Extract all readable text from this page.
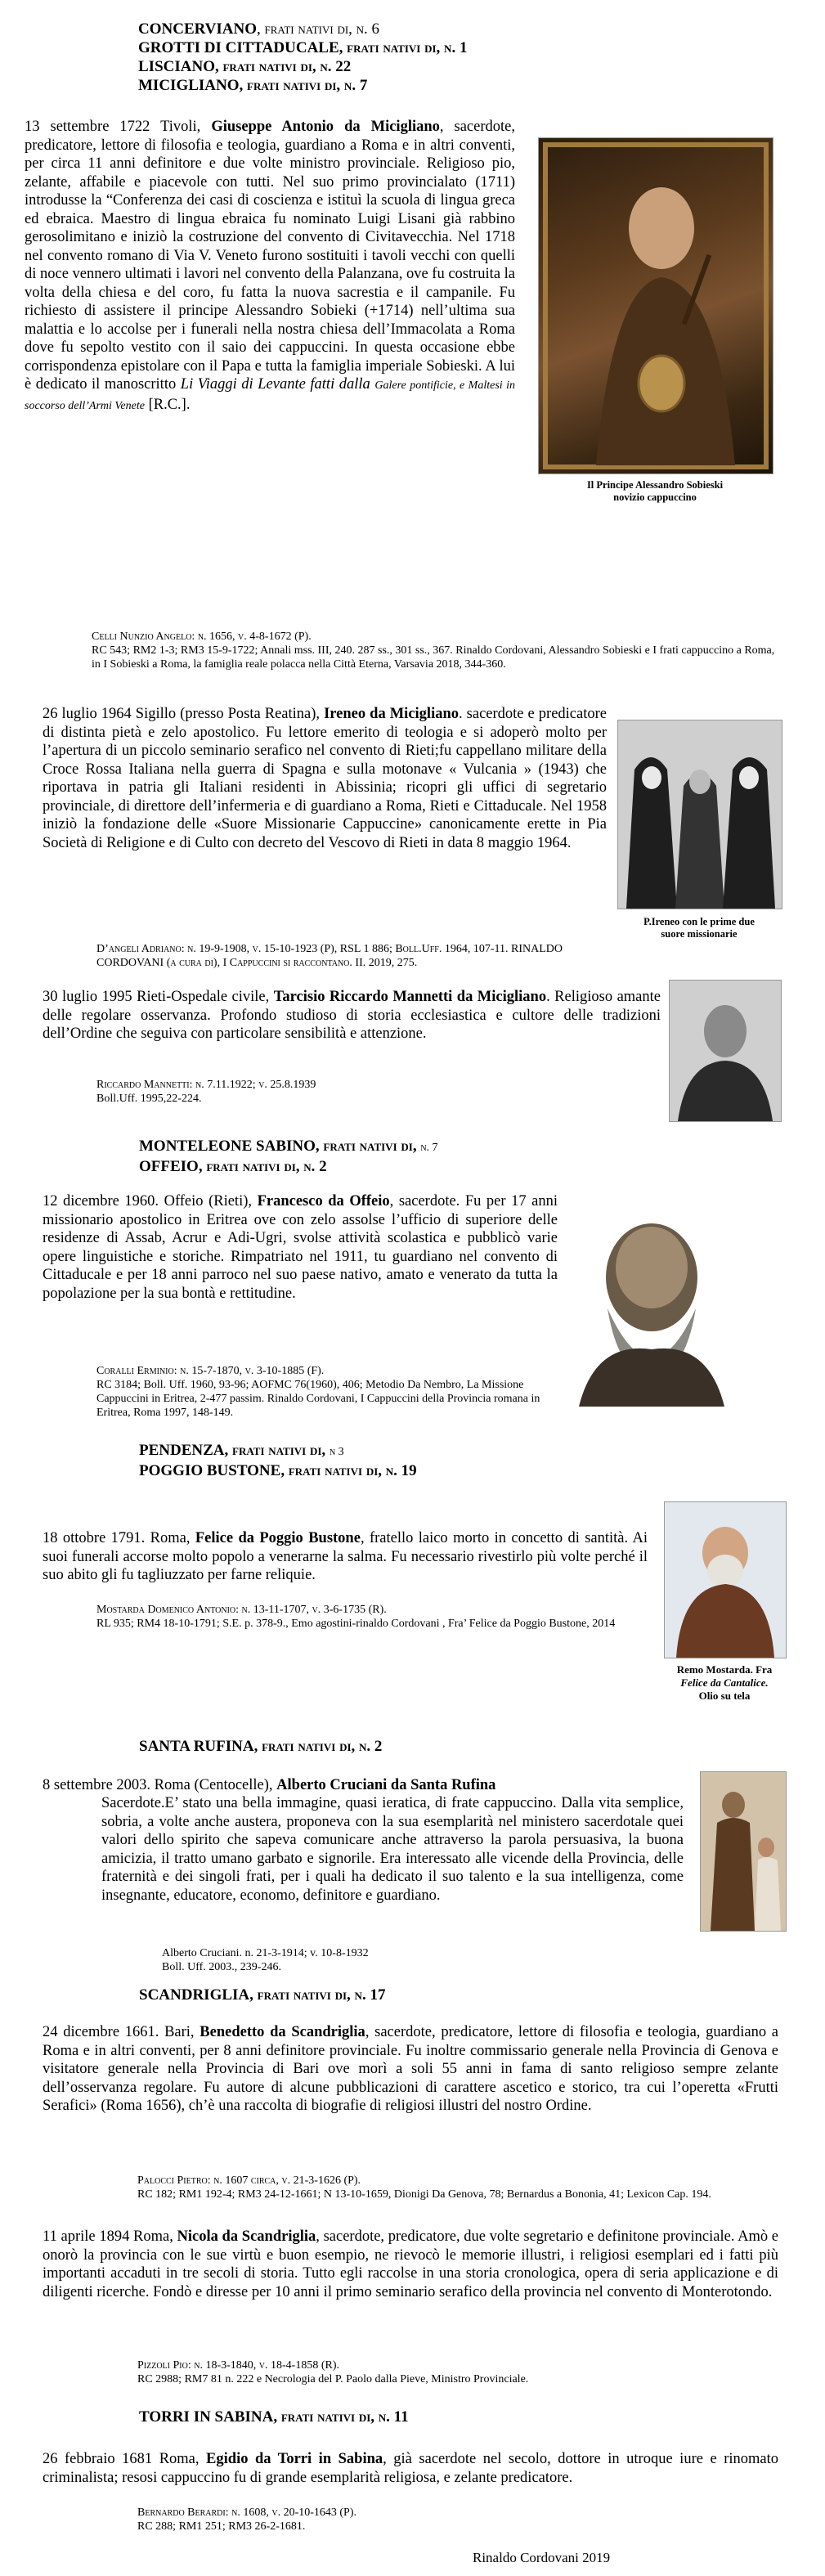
CONCERVIANO, frati nativi di, n. 6
GROTTI DI CITTADUCALE, frati nativi di, n. 1
LISCIANO, frati nativi di, n. 22
MICIGLIANO, frati nativi di, n. 7
Il Principe Alessandro Sobieski
novizio cappuccino
13 settembre 1722 Tivoli, Giuseppe Antonio da Micigliano, sacerdote, predicatore, lettore di filosofia e teologia, guardiano a Roma e in altri conventi, per circa 11 anni definitore e due volte ministro provinciale. Religioso pio, zelante, affabile e piacevole con tutti. Nel suo primo provincialato (1711) introdusse la “Conferenza dei casi di coscienza e istituì la scuola di lingua greca ed ebraica. Maestro di lingua ebraica fu nominato Luigi Lisani già rabbino gerosolimitano e iniziò la costruzione del convento di Civitavecchia. Nel 1718 nel convento romano di Via V. Veneto furono sostituiti i tavoli vecchi con quelli di noce vennero ultimati i lavori nel convento della Palanzana, ove fu costruita la volta della chiesa e del coro, fu fatta la nuova sacrestia e il campanile. Fu richiesto di assistere il principe Alessandro Sobieki (+1714) nell’ultima sua malattia e lo accolse per i funerali nella nostra chiesa dell’Immacolata a Roma dove fu sepolto vestito con il saio dei cappuccini. In questa occasione ebbe corrispondenza epistolare con il Papa e tutta la famiglia imperiale Sobieski. A lui è dedicato il manoscritto Li Viaggi di Levante fatti dalla Galere pontificie, e Maltesi in soccorso dell’Armi Venete [R.C.].
Celli Nunzio Angelo: n. 1656, v. 4-8-1672 (P).
RC 543; RM2 1-3; RM3 15-9-1722; Annali mss. III, 240. 287 ss., 301 ss., 367. Rinaldo Cordovani, Alessandro Sobieski e I frati cappuccino a Roma, in I Sobieski a Roma, la famiglia reale polacca nella Città Eterna, Varsavia 2018, 344-360.
P.Ireneo con le prime due
suore missionarie
26 luglio 1964 Sigillo (presso Posta Reatina), Ireneo da Micigliano. sacerdote e predicatore di distinta pietà e zelo apostolico. Fu lettore emerito di teologia e si adoperò molto per l’apertura di un piccolo seminario serafico nel convento di Rieti;fu cappellano militare della Croce Rossa Italiana nella guerra di Spagna e sulla motonave « Vulcania » (1943) che riportava in patria gli Italiani residenti in Abissinia; ricopri gli uffici di segretario provinciale, di direttore dell’infermeria e di guardiano a Roma, Rieti e Cittaducale. Nel 1958 iniziò la fondazione delle «Suore Missionarie Cappuccine» canonicamente erette in Pia Società di Religione e di Culto con decreto del Vescovo di Rieti in data 8 maggio 1964.
D’angeli Adriano: n. 19-9-1908, v. 15-10-1923 (P), RSL 1 886; Boll.Uff. 1964, 107-11. RINALDO CORDOVANI (a cura di), I Cappuccini si raccontano. II. 2019, 275.
30 luglio 1995 Rieti-Ospedale civile, Tarcisio Riccardo Mannetti da Micigliano. Religioso amante delle regolare osservanza. Profondo studioso di storia ecclesiastica e cultore delle tradizioni dell’Ordine che seguiva con particolare sensibilità e attenzione.
Riccardo Mannetti: n. 7.11.1922; v. 25.8.1939
Boll.Uff. 1995,22-224.
MONTELEONE SABINO, frati nativi di, n. 7
OFFEIO, frati nativi di, n. 2
12 dicembre 1960. Offeio (Rieti), Francesco da Offeio, sacerdote. Fu per 17 anni missionario apostolico in Eritrea ove con zelo assolse l’ufficio di superiore delle residenze di Assab, Acrur e Adi-Ugri, svolse attività scolastica e pubblicò varie opere linguistiche e storiche. Rimpatriato nel 1911, tu guardiano nel convento di Cittaducale e per 18 anni parroco nel suo paese nativo, amato e venerato da tutta la popolazione per la sua bontà e rettitudine.
Coralli Erminio: n. 15-7-1870, v. 3-10-1885 (F).
RC 3184; Boll. Uff. 1960, 93-96; AOFMC 76(1960), 406; Metodio Da Nembro, La Missione Cappuccini in Eritrea, 2-477 passim. Rinaldo Cordovani, I Cappuccini della Provincia romana in Eritrea, Roma 1997, 148-149.
PENDENZA, frati nativi di, n 3
POGGIO BUSTONE, frati nativi di, n. 19
Remo Mostarda. Fra
Felice da Cantalice.
Olio su tela
18 ottobre 1791. Roma, Felice da Poggio Bustone, fratello laico morto in concetto di santità. Ai suoi funerali accorse molto popolo a venerarne la salma. Fu necessario rivestirlo più volte perché il suo abito gli fu tagliuzzato per farne reliquie.
Mostarda Domenico Antonio: n. 13-11-1707, v. 3-6-1735 (R).
RL 935; RM4 18-10-1791; S.E. p. 378-9., Emo agostini-rinaldo Cordovani , Fra’ Felice da Poggio Bustone, 2014
SANTA RUFINA, frati nativi di, n. 2
8 settembre 2003. Roma (Centocelle), Alberto Cruciani da Santa Rufina
Sacerdote.E’ stato una bella immagine, quasi ieratica, di frate cappuccino. Dalla vita semplice, sobria, a volte anche austera, proponeva con la sua esemplarità nel ministero sacerdotale quei valori dello spirito che sapeva comunicare anche attraverso la parola persuasiva, la buona amicizia, il tratto umano garbato e signorile. Era interessato alle vicende della Provincia, delle fraternità e dei singoli frati, per i quali ha dedicato il suo talento e la sua intelligenza, come insegnante, educatore, economo, definitore e guardiano.
Alberto Cruciani. n. 21-3-1914; v. 10-8-1932
Boll. Uff. 2003., 239-246.
SCANDRIGLIA, frati nativi di, n. 17
24 dicembre 1661. Bari, Benedetto da Scandriglia, sacerdote, predicatore, lettore di filosofia e teologia, guardiano a Roma e in altri conventi, per 8 anni definitore provinciale. Fu inoltre commissario generale nella Provincia di Genova e visitatore generale nella Provincia di Bari ove morì a soli 55 anni in fama di santo religioso sempre zelante dell’osservanza regolare. Fu autore di alcune pubblicazioni di carattere ascetico e storico, tra cui l’operetta «Frutti Serafici» (Roma 1656), ch’è una raccolta di biografie di religiosi illustri del nostro Ordine.
Palocci Pietro: n. 1607 circa, v. 21-3-1626 (P).
RC 182; RM1 192-4; RM3 24-12-1661; N 13-10-1659, Dionigi Da Genova, 78; Bernardus a Bononia, 41; Lexicon Cap. 194.
11 aprile 1894 Roma, Nicola da Scandriglia, sacerdote, predicatore, due volte segretario e definitone provinciale. Amò e onorò la provincia con le sue virtù e buon esempio, ne rievocò le memorie illustri, i religiosi esemplari ed i fatti più importanti accaduti in tre secoli di storia. Tutto egli raccolse in una storia cronologica, opera di seria applicazione e di diligenti ricerche. Fondò e diresse per 10 anni il primo seminario serafico della provincia nel convento di Monterotondo.
Pizzoli Pio: n. 18-3-1840, v. 18-4-1858 (R).
RC 2988; RM7 81 n. 222 e Necrologia del P. Paolo dalla Pieve, Ministro Provinciale.
TORRI IN SABINA, frati nativi di, n. 11
26 febbraio 1681 Roma, Egidio da Torri in Sabina, già sacerdote nel secolo, dottore in utroque iure e rinomato criminalista; resosi cappuccino fu di grande esemplarità religiosa, e zelante predicatore.
Bernardo Berardi: n. 1608, v. 20-10-1643 (P).
RC 288; RM1 251; RM3 26-2-1681.
Rinaldo Cordovani 2019
